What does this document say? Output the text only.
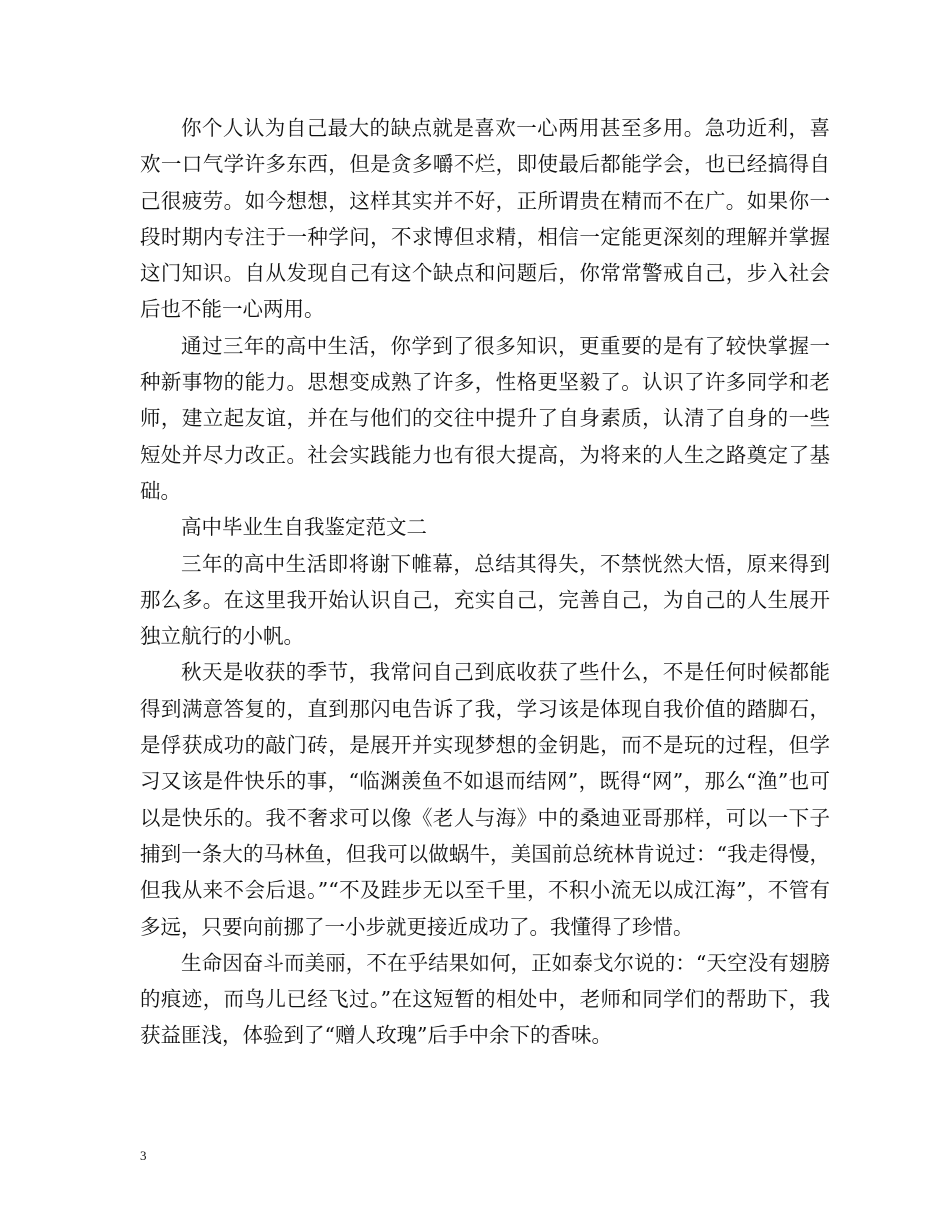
你个人认为自己最大的缺点就是喜欢一心两用甚至多用。急功近利，喜欢一口气学许多东西，但是贪多嚼不烂，即使最后都能学会，也已经搞得自己很疲劳。如今想想，这样其实并不好，正所谓贵在精而不在广。如果你一段时期内专注于一种学问，不求博但求精，相信一定能更深刻的理解并掌握这门知识。自从发现自己有这个缺点和问题后，你常常警戒自己，步入社会后也不能一心两用。

通过三年的高中生活，你学到了很多知识，更重要的是有了较快掌握一种新事物的能力。思想变成熟了许多，性格更坚毅了。认识了许多同学和老师，建立起友谊，并在与他们的交往中提升了自身素质，认清了自身的一些短处并尽力改正。社会实践能力也有很大提高，为将来的人生之路奠定了基础。

高中毕业生自我鉴定范文二

三年的高中生活即将谢下帷幕，总结其得失，不禁恍然大悟，原来得到那么多。在这里我开始认识自己，充实自己，完善自己，为自己的人生展开独立航行的小帆。

秋天是收获的季节，我常问自己到底收获了些什么，不是任何时候都能得到满意答复的，直到那闪电告诉了我，学习该是体现自我价值的踏脚石，是俘获成功的敲门砖，是展开并实现梦想的金钥匙，而不是玩的过程，但学习又该是件快乐的事，“临渊羡鱼不如退而结网”，既得“网”，那么“渔”也可以是快乐的。我不奢求可以像《老人与海》中的桑迪亚哥那样，可以一下子捕到一条大的马林鱼，但我可以做蜗牛，美国前总统林肯说过：“我走得慢，但我从来不会后退。”“不及跬步无以至千里，不积小流无以成江海”，不管有多远，只要向前挪了一小步就更接近成功了。我懂得了珍惜。

生命因奋斗而美丽，不在乎结果如何，正如泰戈尔说的：“天空没有翅膀的痕迹，而鸟儿已经飞过。”在这短暂的相处中，老师和同学们的帮助下，我获益匪浅，体验到了“赠人玫瑰”后手中余下的香味。

3
